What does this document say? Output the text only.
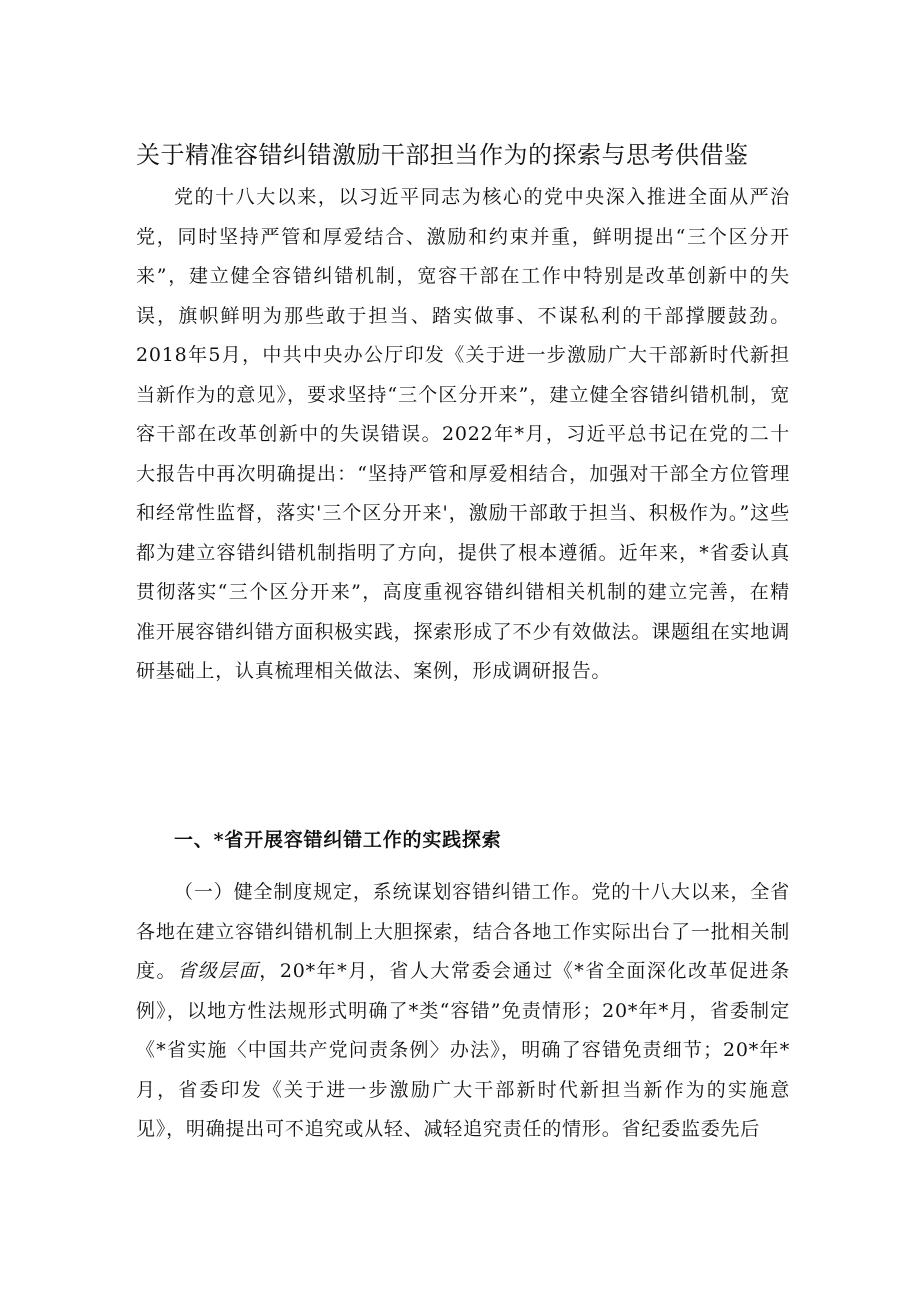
关于精准容错纠错激励干部担当作为的探索与思考供借鉴

党的十八大以来，以习近平同志为核心的党中央深入推进全面从严治党，同时坚持严管和厚爱结合、激励和约束并重，鲜明提出“三个区分开来”，建立健全容错纠错机制，宽容干部在工作中特别是改革创新中的失误，旗帜鲜明为那些敢于担当、踏实做事、不谋私利的干部撑腰鼓劲。2018年5月，中共中央办公厅印发《关于进一步激励广大干部新时代新担当新作为的意见》，要求坚持“三个区分开来”，建立健全容错纠错机制，宽容干部在改革创新中的失误错误。2022年*月，习近平总书记在党的二十大报告中再次明确提出：“坚持严管和厚爱相结合，加强对干部全方位管理和经常性监督，落实'三个区分开来'，激励干部敢于担当、积极作为。”这些都为建立容错纠错机制指明了方向，提供了根本遵循。近年来，*省委认真贯彻落实“三个区分开来”，高度重视容错纠错相关机制的建立完善，在精准开展容错纠错方面积极实践，探索形成了不少有效做法。课题组在实地调研基础上，认真梳理相关做法、案例，形成调研报告。

一、*省开展容错纠错工作的实践探索

（一）健全制度规定，系统谋划容错纠错工作。党的十八大以来，全省各地在建立容错纠错机制上大胆探索，结合各地工作实际出台了一批相关制度。省级层面，20*年*月，省人大常委会通过《*省全面深化改革促进条例》，以地方性法规形式明确了*类“容错”免责情形；20*年*月，省委制定《*省实施〈中国共产党问责条例〉办法》，明确了容错免责细节；20*年*月，省委印发《关于进一步激励广大干部新时代新担当新作为的实施意见》，明确提出可不追究或从轻、减轻追究责任的情形。省纪委监委先后
